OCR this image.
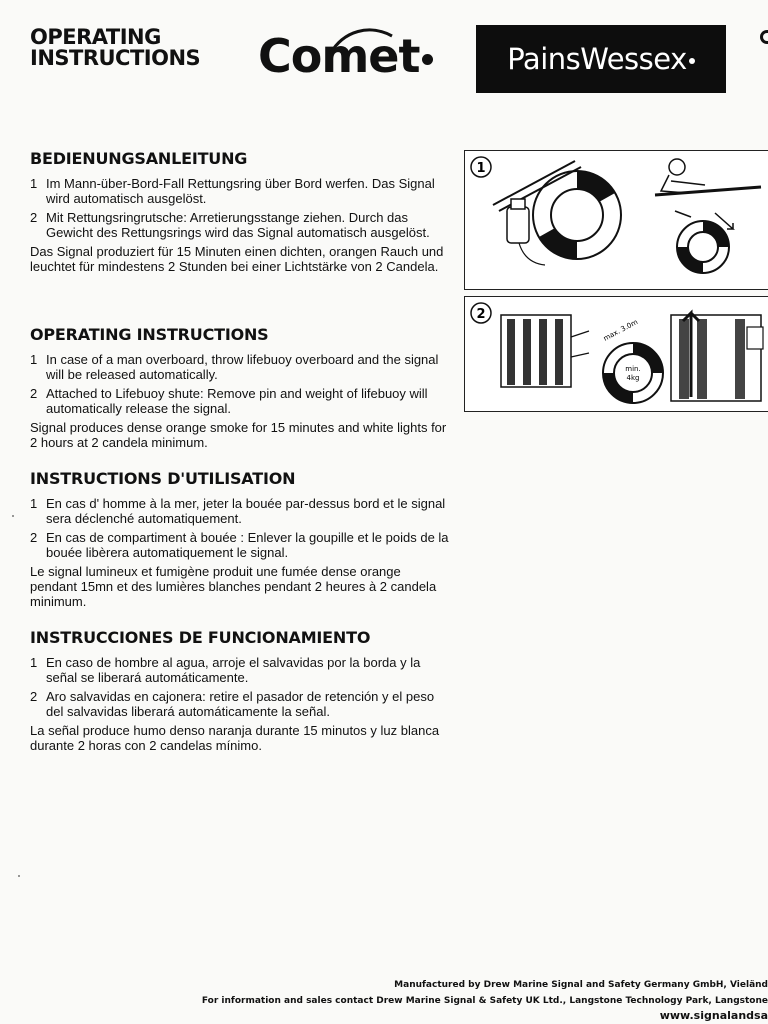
OPERATING
INSTRUCTIONS Comet	PainsWessex
BEDIENUNGSANLEITUNG
1 Im Mann-über-Bord-Fall Rettungsring über Bord werfen. Das Signal wird automatisch ausgelöst.
2 Mit Rettungsringrutsche: Arretierungsstange ziehen. Durch das Gewicht des Rettungsrings wird das Signal automatisch ausgelöst.
Das Signal produziert für 15 Minuten einen dichten, orangen Rauch und leuchtet für mindestens 2 Stunden bei einer Lichtstärke von 2 Candela.
OPERATING INSTRUCTIONS
1 In case of a man overboard, throw lifebuoy overboard and the signal will be released automatically.
2 Attached to Lifebuoy shute: Remove pin and weight of lifebuoy will automatically release the signal.
Signal produces dense orange smoke for 15 minutes and white lights for 2 hours at 2 candela minimum.
INSTRUCTIONS D'UTILISATION
1 En cas d' homme à la mer, jeter la bouée par-dessus bord et le signal sera déclenché automatiquement.
2 En cas de compartiment à bouée : Enlever la goupille et le poids de la bouée libèrera automatiquement le signal.
Le signal lumineux et fumigène produit une fumée dense orange pendant 15mn et des lumières blanches pendant 2 heures à 2 candela minimum.
INSTRUCCIONES DE FUNCIONAMIENTO
1 En caso de hombre al agua, arroje el salvavidas por la borda y la señal se liberará automáticamente.
2 Aro salvavidas en cajonera: retire el pasador de retención y el peso del salvavidas liberará automáticamente la señal.
La señal produce humo denso naranja durante 15 minutos y luz blanca durante 2 horas con 2 candelas mínimo.
1
2
max. 3.0m
min.
4kg
Manufactured by Drew Marine Signal and Safety Germany GmbH, Vieländ
For information and sales contact Drew Marine Signal & Safety UK Ltd., Langstone Technology Park, Langstone
www.signalandsa
